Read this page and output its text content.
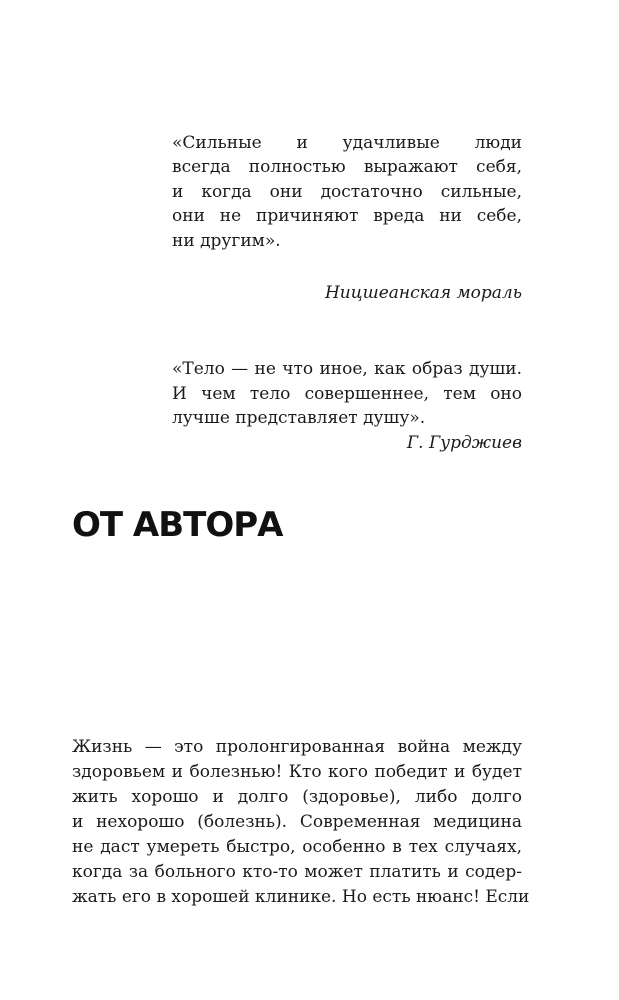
«Сильные и удачливые люди
всегда полностью выражают себя,
и когда они достаточно сильные,
они не причиняют вреда ни себе,
ни другим».
Ницшеанская мораль
«Тело — не что иное, как образ души.
И чем тело совершеннее, тем оно
лучше представляет душу».
Г. Гурджиев
ОТ АВТОРА
Жизнь — это пролонгированная война между
здоровьем и болезнью! Кто кого победит и будет
жить хорошо и долго (здоровье), либо долго
и нехорошо (болезнь). Современная медицина
не даст умереть быстро, особенно в тех случаях,
когда за больного кто-то может платить и содер-
жать его в хорошей клинике. Но есть нюанс! Если
